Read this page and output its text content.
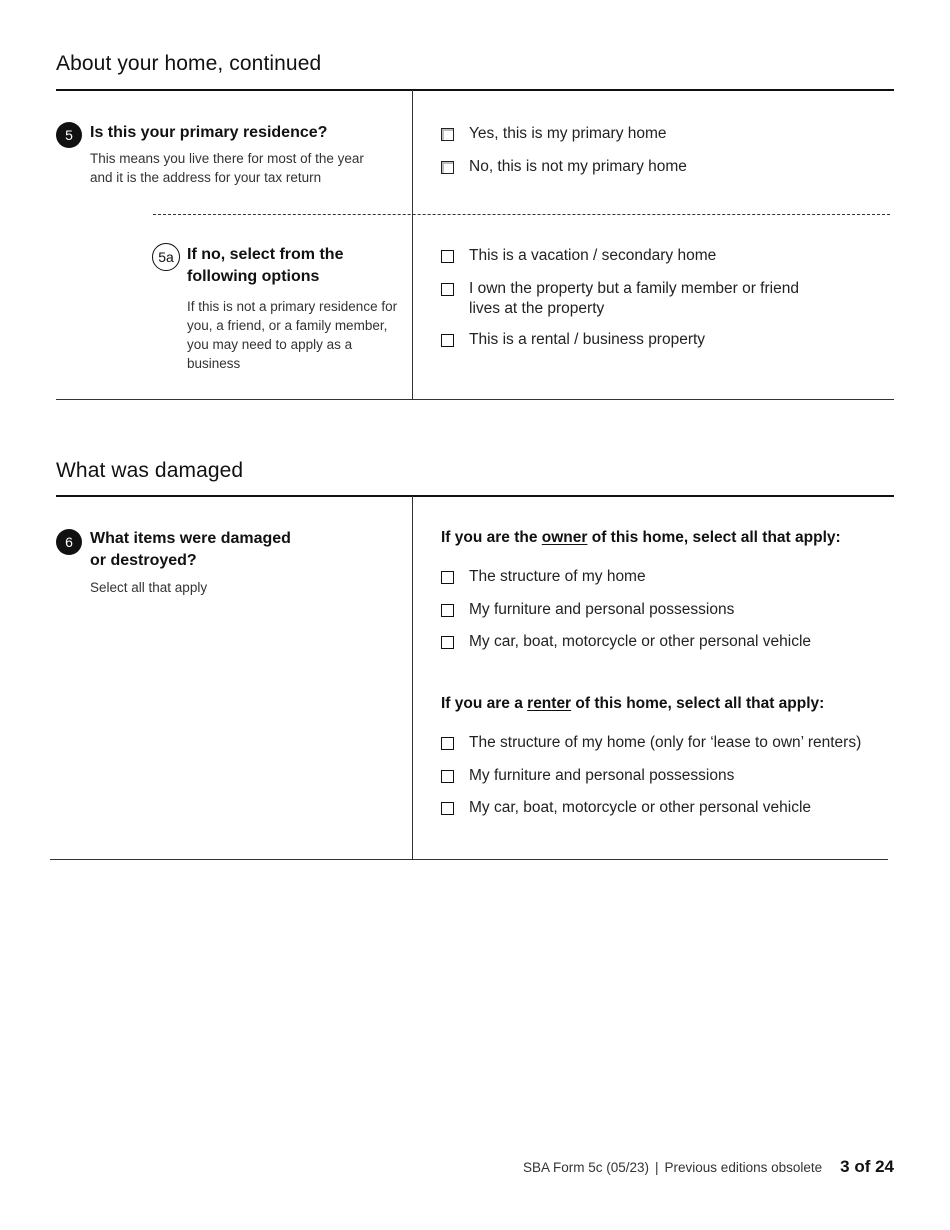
About your home, continued
5	Is this your primary residence?
This means you live there for most of the year and it is the address for your tax return
Yes, this is my primary home
No, this is not my primary home
5a If no, select from the following options
If this is not a primary residence for you, a friend, or a family member, you may need to apply as a business
This is a vacation / secondary home
I own the property but a family member or friend lives at the property
This is a rental / business property
What was damaged
6	What items were damaged or destroyed?
Select all that apply
If you are the owner of this home, select all that apply:
The structure of my home
My furniture and personal possessions
My car, boat, motorcycle or other personal vehicle
If you are a renter of this home, select all that apply:
The structure of my home (only for ‘lease to own’ renters)
My furniture and personal possessions
My car, boat, motorcycle or other personal vehicle
SBA Form 5c (05/23) | Previous editions obsolete 3 of 24
